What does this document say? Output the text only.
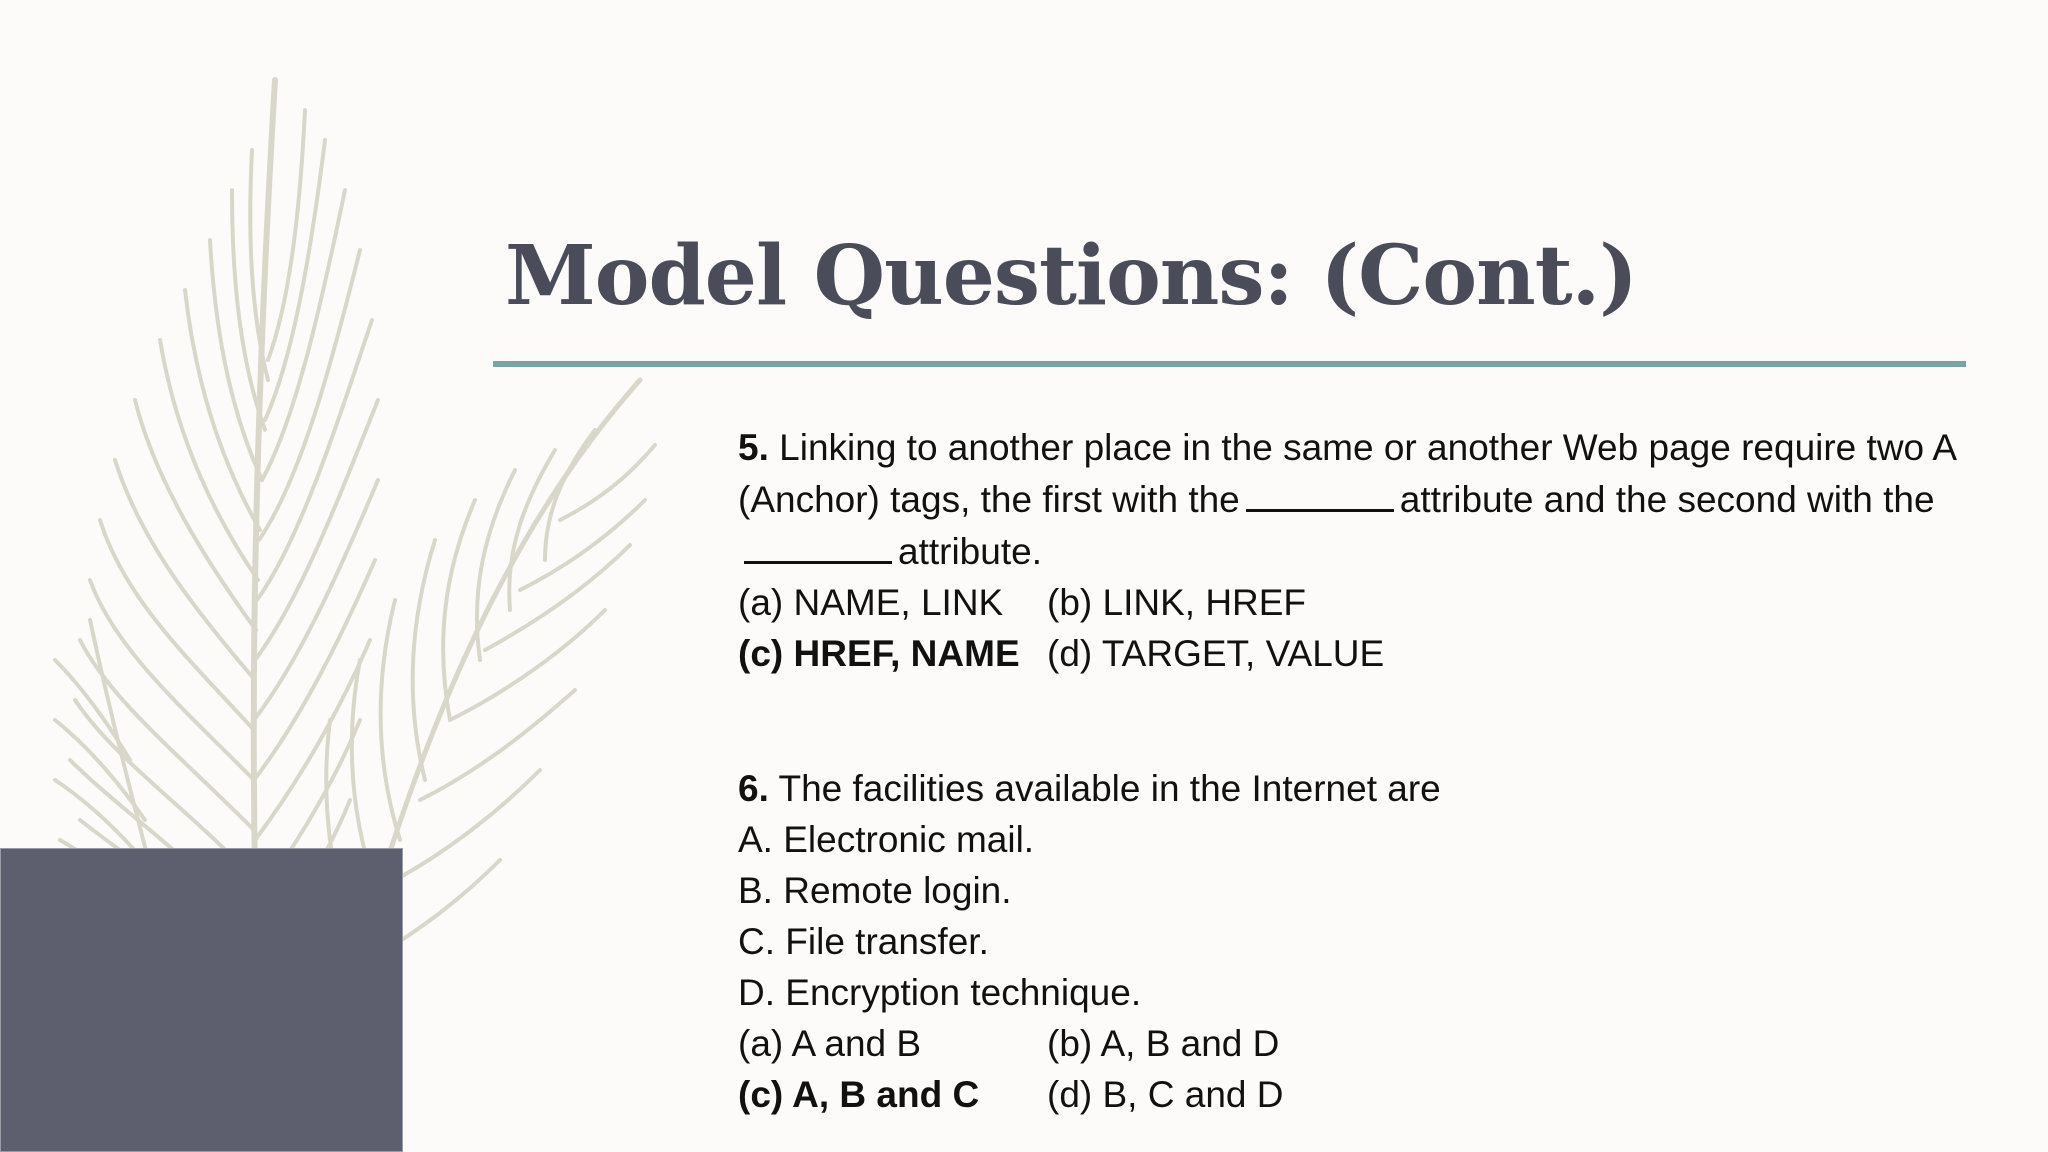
Model Questions: (Cont.)

5. Linking to another place in the same or another Web page require two A (Anchor) tags, the first with the	attribute and the second with theattribute.

(a) NAME, LINK	(b) LINK, HREF
(c) HREF, NAME (d) TARGET, VALUE

6. The facilities available in the Internet are

A. Electronic mail.

B. Remote login.

C. File transfer.

D. Encryption technique.

(a) A and B	(b) A, B and D
(c) A, B and C	(d) B, C and D
